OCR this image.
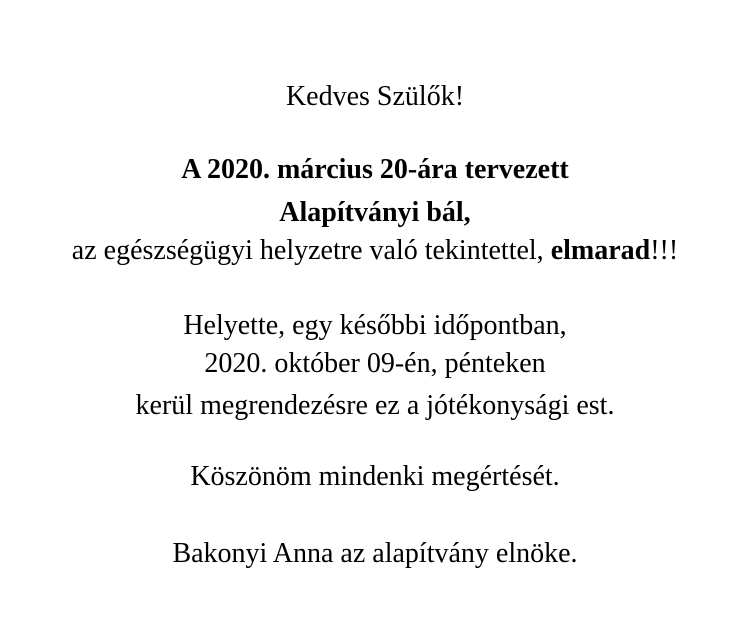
Kedves Szülők!
A 2020. március 20-ára tervezett
Alapítványi bál,
az egészségügyi helyzetre való tekintettel, elmarad!!!
Helyette, egy későbbi időpontban,
2020. október 09-én, pénteken
kerül megrendezésre ez a jótékonysági est.
Köszönöm mindenki megértését.
Bakonyi Anna az alapítvány elnöke.
